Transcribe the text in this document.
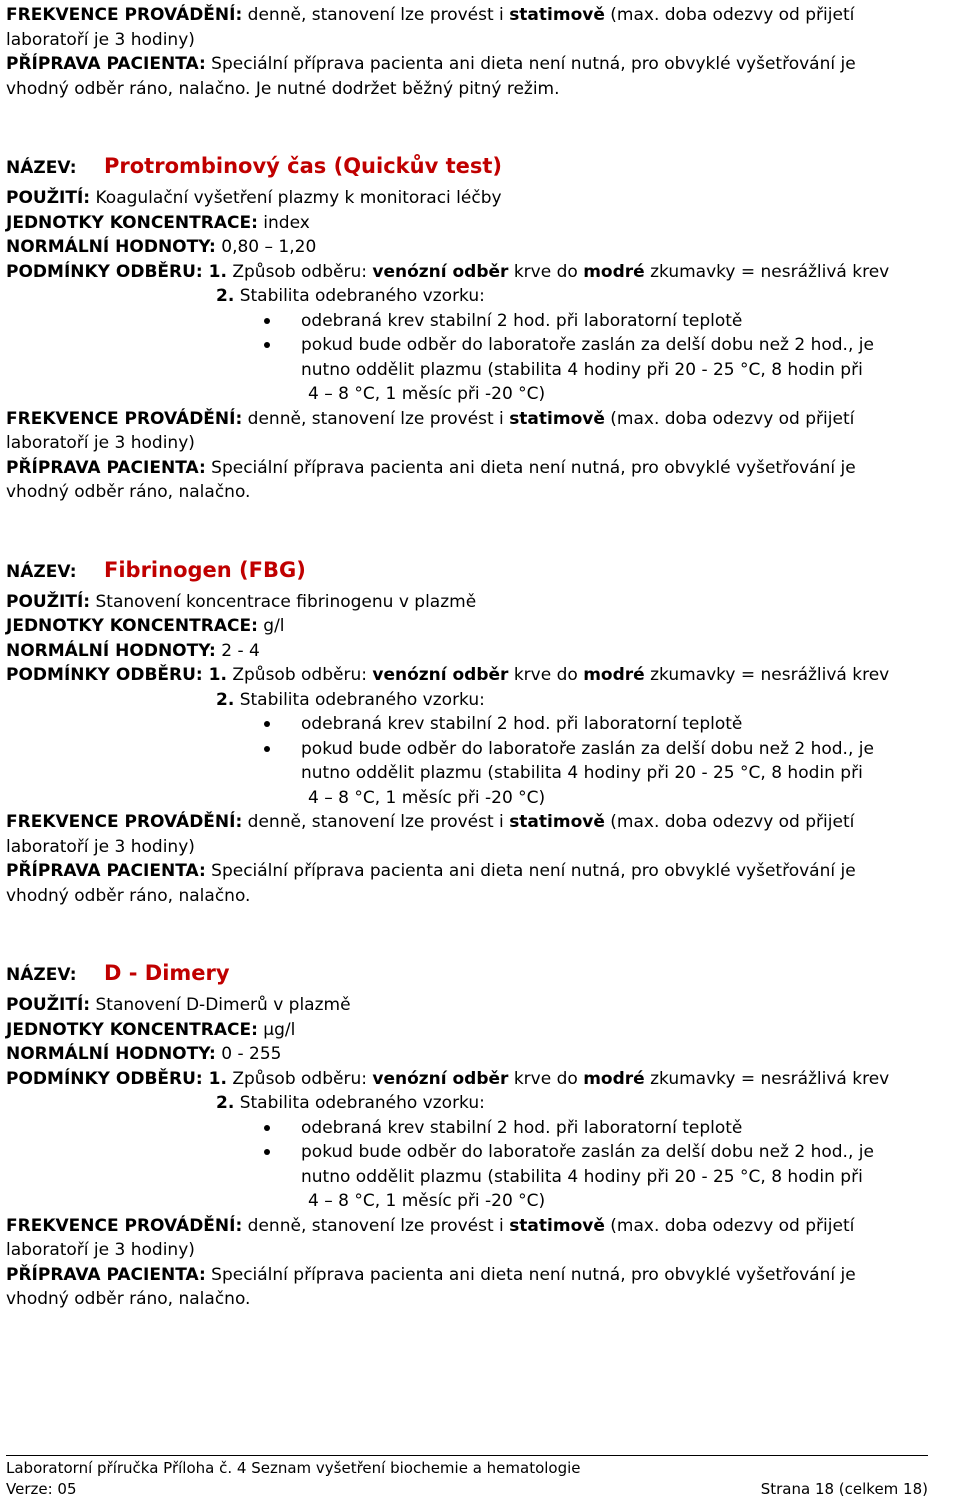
FREKVENCE PROVÁDĚNÍ: denně, stanovení lze provést i statimově (max. doba odezvy od přijetí
laboratoří je 3 hodiny)
PŘÍPRAVA PACIENTA: Speciální příprava pacienta ani dieta není nutná, pro obvyklé vyšetřování je
vhodný odběr ráno, nalačno. Je nutné dodržet běžný pitný režim.
NÁZEV: Protrombinový čas (Quickův test)
POUŽITÍ: Koagulační vyšetření plazmy k monitoraci léčby
JEDNOTKY KONCENTRACE: index
NORMÁLNÍ HODNOTY: 0,80 – 1,20
PODMÍNKY ODBĚRU: 1. Způsob odběru: venózní odběr krve do modré zkumavky = nesrážlivá krev
2. Stabilita odebraného vzorku:
odebraná krev stabilní 2 hod. při laboratorní teplotě
pokud bude odběr do laboratoře zaslán za delší dobu než 2 hod., je
nutno oddělit plazmu (stabilita 4 hodiny při 20 - 25 °C, 8 hodin při
4 – 8 °C, 1 měsíc při -20 °C)
FREKVENCE PROVÁDĚNÍ: denně, stanovení lze provést i statimově (max. doba odezvy od přijetí
laboratoří je 3 hodiny)
PŘÍPRAVA PACIENTA: Speciální příprava pacienta ani dieta není nutná, pro obvyklé vyšetřování je
vhodný odběr ráno, nalačno.
NÁZEV: Fibrinogen (FBG)
POUŽITÍ: Stanovení koncentrace fibrinogenu v plazmě
JEDNOTKY KONCENTRACE: g/l
NORMÁLNÍ HODNOTY: 2 - 4
PODMÍNKY ODBĚRU: 1. Způsob odběru: venózní odběr krve do modré zkumavky = nesrážlivá krev
2. Stabilita odebraného vzorku:
odebraná krev stabilní 2 hod. při laboratorní teplotě
pokud bude odběr do laboratoře zaslán za delší dobu než 2 hod., je
nutno oddělit plazmu (stabilita 4 hodiny při 20 - 25 °C, 8 hodin při
4 – 8 °C, 1 měsíc při -20 °C)
FREKVENCE PROVÁDĚNÍ: denně, stanovení lze provést i statimově (max. doba odezvy od přijetí
laboratoří je 3 hodiny)
PŘÍPRAVA PACIENTA: Speciální příprava pacienta ani dieta není nutná, pro obvyklé vyšetřování je
vhodný odběr ráno, nalačno.
NÁZEV: D - Dimery
POUŽITÍ: Stanovení D-Dimerů v plazmě
JEDNOTKY KONCENTRACE: µg/l
NORMÁLNÍ HODNOTY: 0 - 255
PODMÍNKY ODBĚRU: 1. Způsob odběru: venózní odběr krve do modré zkumavky = nesrážlivá krev
2. Stabilita odebraného vzorku:
odebraná krev stabilní 2 hod. při laboratorní teplotě
pokud bude odběr do laboratoře zaslán za delší dobu než 2 hod., je
nutno oddělit plazmu (stabilita 4 hodiny při 20 - 25 °C, 8 hodin při
4 – 8 °C, 1 měsíc při -20 °C)
FREKVENCE PROVÁDĚNÍ: denně, stanovení lze provést i statimově (max. doba odezvy od přijetí
laboratoří je 3 hodiny)
PŘÍPRAVA PACIENTA: Speciální příprava pacienta ani dieta není nutná, pro obvyklé vyšetřování je
vhodný odběr ráno, nalačno.
Laboratorní příručka Příloha č. 4 Seznam vyšetření biochemie a hematologie
Verze: 05	Strana 18 (celkem 18)
